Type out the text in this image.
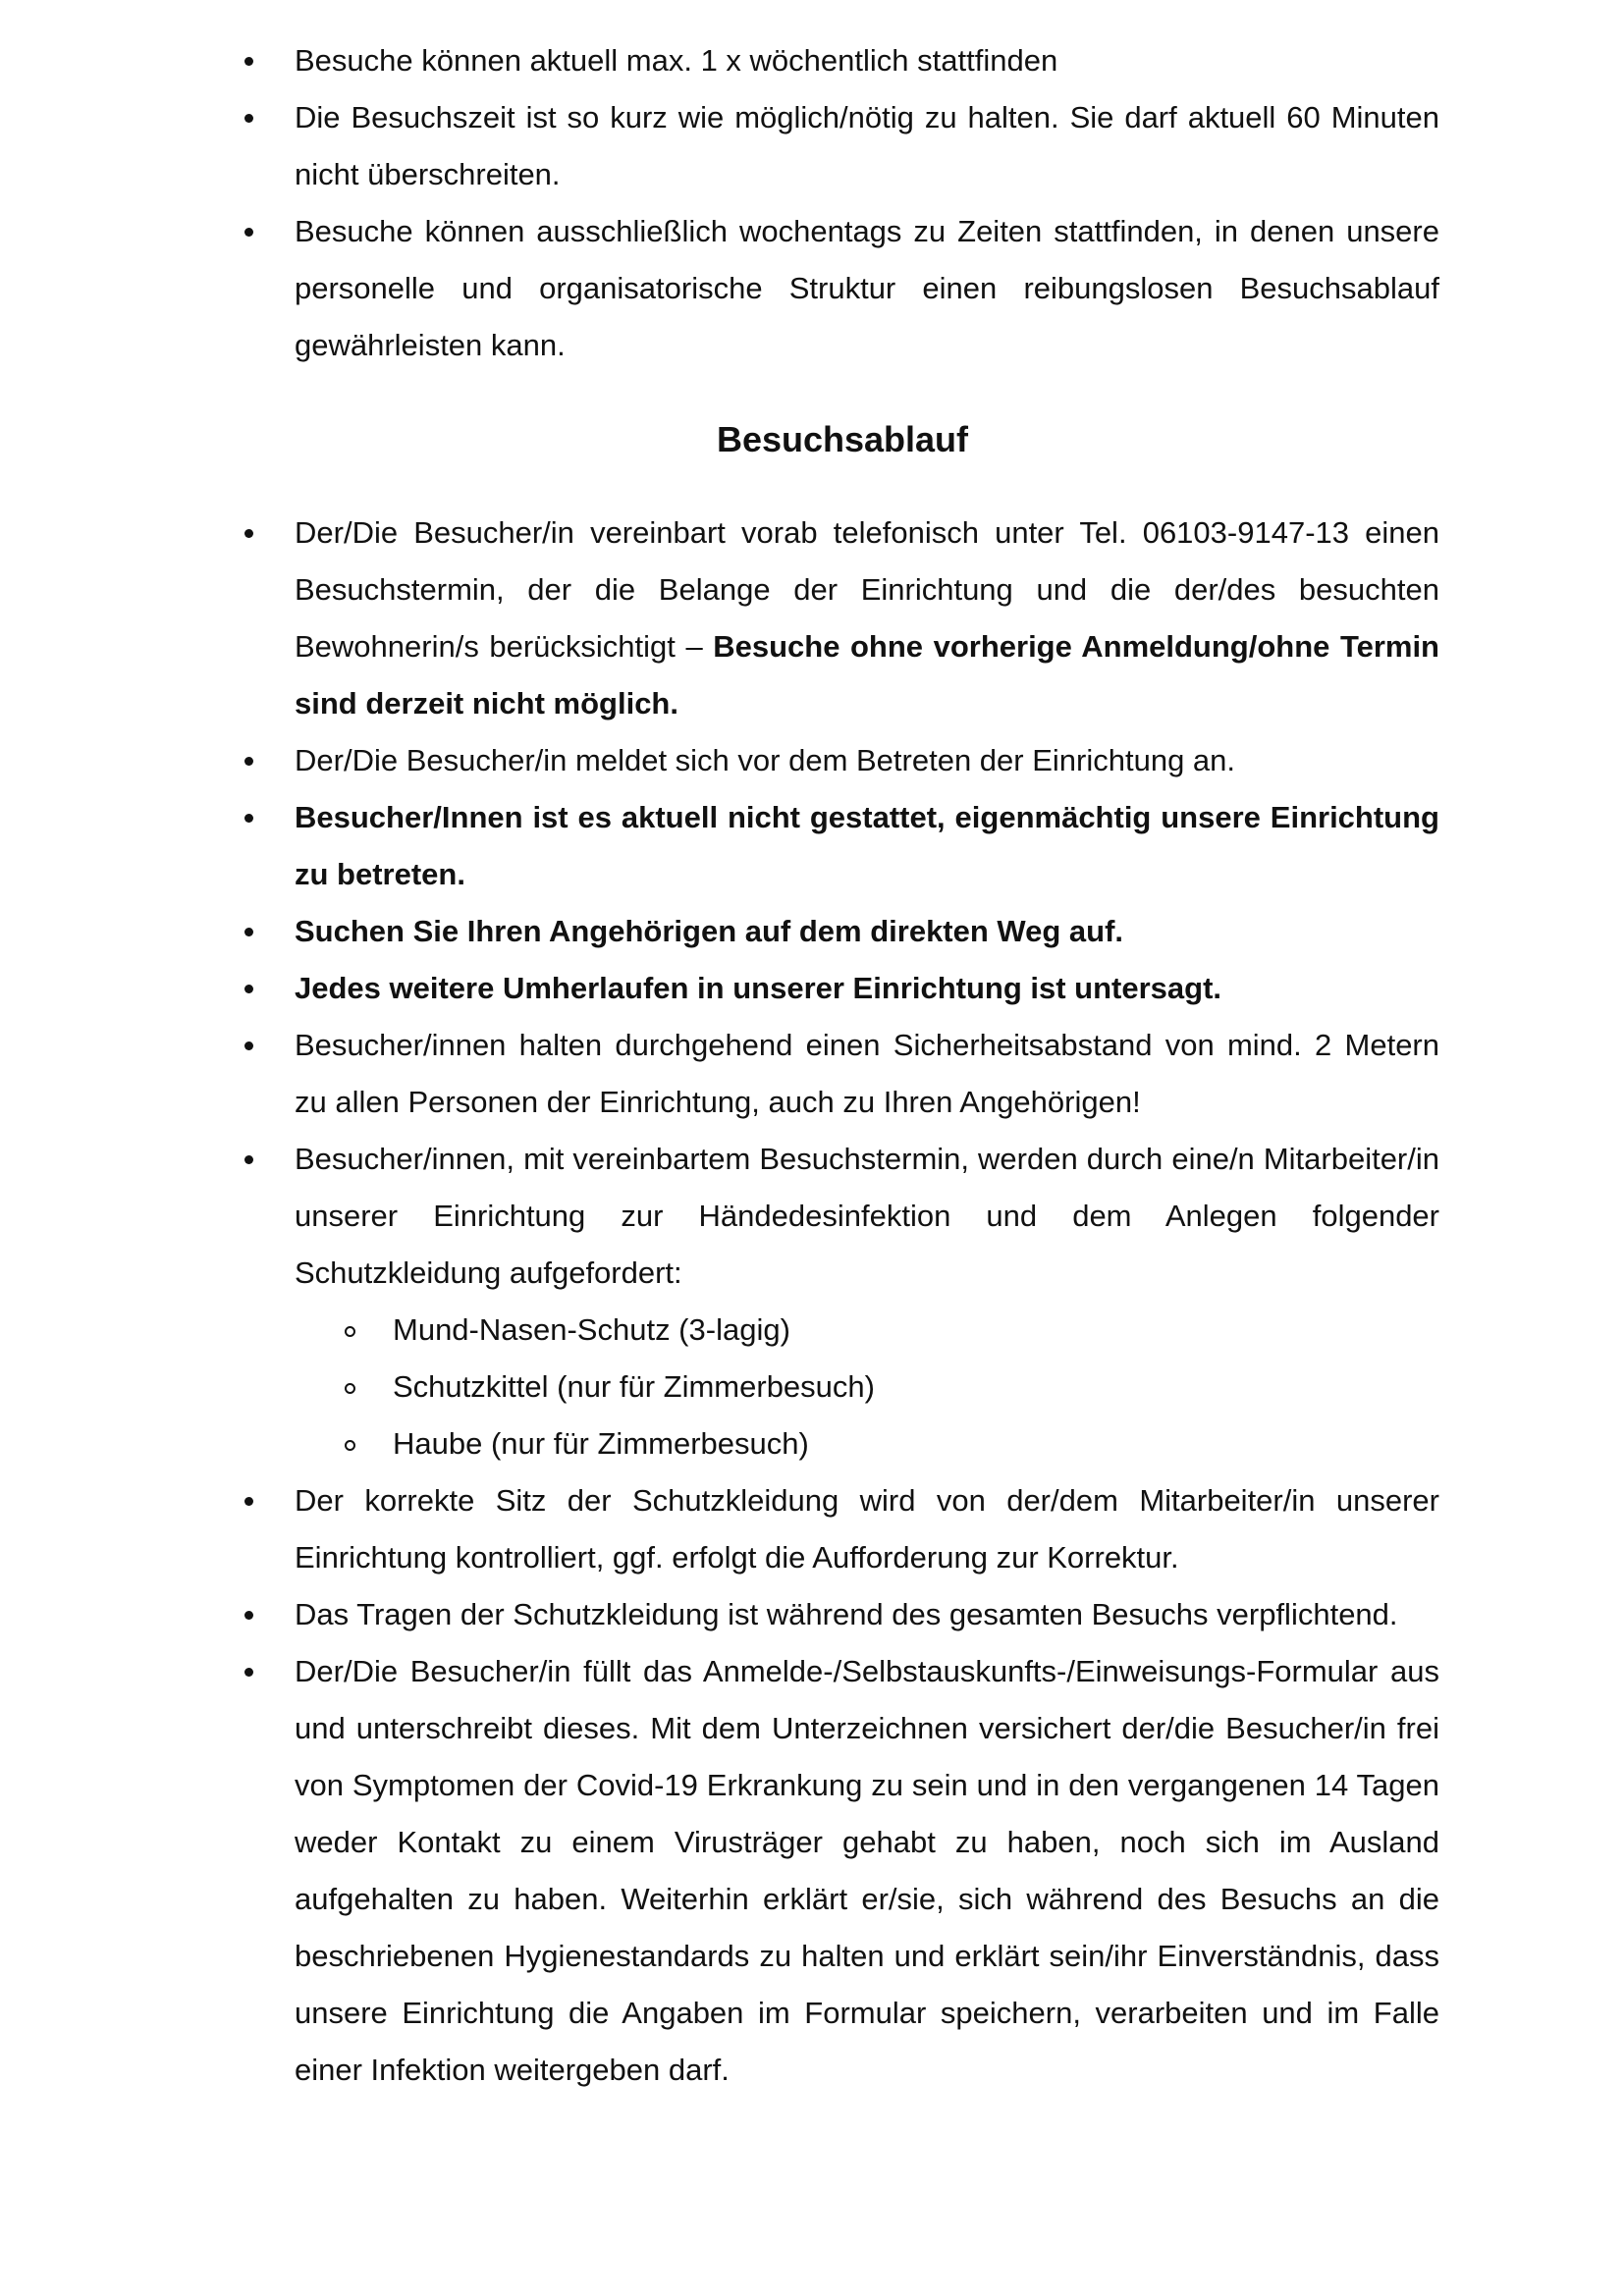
Besuche können aktuell max. 1 x wöchentlich stattfinden
Die Besuchszeit ist so kurz wie möglich/nötig zu halten. Sie darf aktuell 60 Minuten nicht überschreiten.
Besuche können ausschließlich wochentags zu Zeiten stattfinden, in denen unsere personelle und organisatorische Struktur einen reibungslosen Besuchsablauf gewährleisten kann.
Besuchsablauf
Der/Die Besucher/in vereinbart vorab telefonisch unter Tel. 06103-9147-13 einen Besuchstermin, der die Belange der Einrichtung und die der/des besuchten Bewohnerin/s berücksichtigt – Besuche ohne vorherige Anmeldung/ohne Termin sind derzeit nicht möglich.
Der/Die Besucher/in meldet sich vor dem Betreten der Einrichtung an.
Besucher/Innen ist es aktuell nicht gestattet, eigenmächtig unsere Einrichtung zu betreten.
Suchen Sie Ihren Angehörigen auf dem direkten Weg auf.
Jedes weitere Umherlaufen in unserer Einrichtung ist untersagt.
Besucher/innen halten durchgehend einen Sicherheitsabstand von mind. 2 Metern zu allen Personen der Einrichtung, auch zu Ihren Angehörigen!
Besucher/innen, mit vereinbartem Besuchstermin, werden durch eine/n Mitarbeiter/in unserer Einrichtung zur Händedesinfektion und dem Anlegen folgender Schutzkleidung aufgefordert:
Mund-Nasen-Schutz (3-lagig)
Schutzkittel (nur für Zimmerbesuch)
Haube (nur für Zimmerbesuch)
Der korrekte Sitz der Schutzkleidung wird von der/dem Mitarbeiter/in unserer Einrichtung kontrolliert, ggf. erfolgt die Aufforderung zur Korrektur.
Das Tragen der Schutzkleidung ist während des gesamten Besuchs verpflichtend.
Der/Die Besucher/in füllt das Anmelde-/Selbstauskunfts-/Einweisungs-Formular aus und unterschreibt dieses. Mit dem Unterzeichnen versichert der/die Besucher/in frei von Symptomen der Covid-19 Erkrankung zu sein und in den vergangenen 14 Tagen weder Kontakt zu einem Virusträger gehabt zu haben, noch sich im Ausland aufgehalten zu haben. Weiterhin erklärt er/sie, sich während des Besuchs an die beschriebenen Hygienestandards zu halten und erklärt sein/ihr Einverständnis, dass unsere Einrichtung die Angaben im Formular speichern, verarbeiten und im Falle einer Infektion weitergeben darf.
